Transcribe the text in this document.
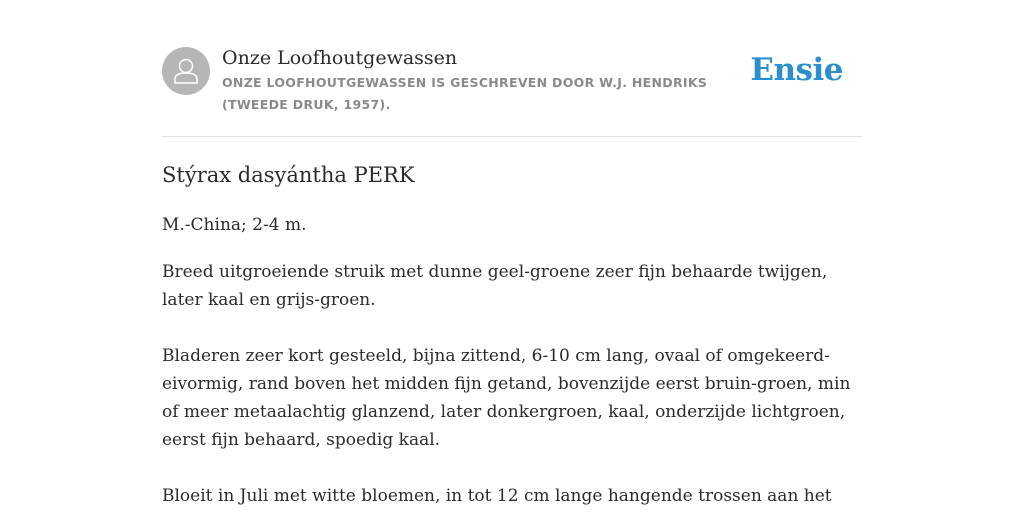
Onze Loofhoutgewassen
ONZE LOOFHOUTGEWASSEN IS GESCHREVEN DOOR W.J. HENDRIKS (TWEEDE DRUK, 1957).
Ensie
Stýrax dasyántha PERK

M.-China; 2-4 m.

Breed uitgroeiende struik met dunne geel-groene zeer fijn behaarde twijgen, later kaal en grijs-groen.

Bladeren zeer kort gesteeld, bijna zittend, 6-10 cm lang, ovaal of omgekeerd-eivormig, rand boven het midden fijn getand, bovenzijde eerst bruin-groen, min of meer metaalachtig glanzend, later donkergroen, kaal, onderzijde lichtgroen, eerst fijn behaard, spoedig kaal.

Bloeit in Juli met witte bloemen, in tot 12 cm lange hangende trossen aan het
